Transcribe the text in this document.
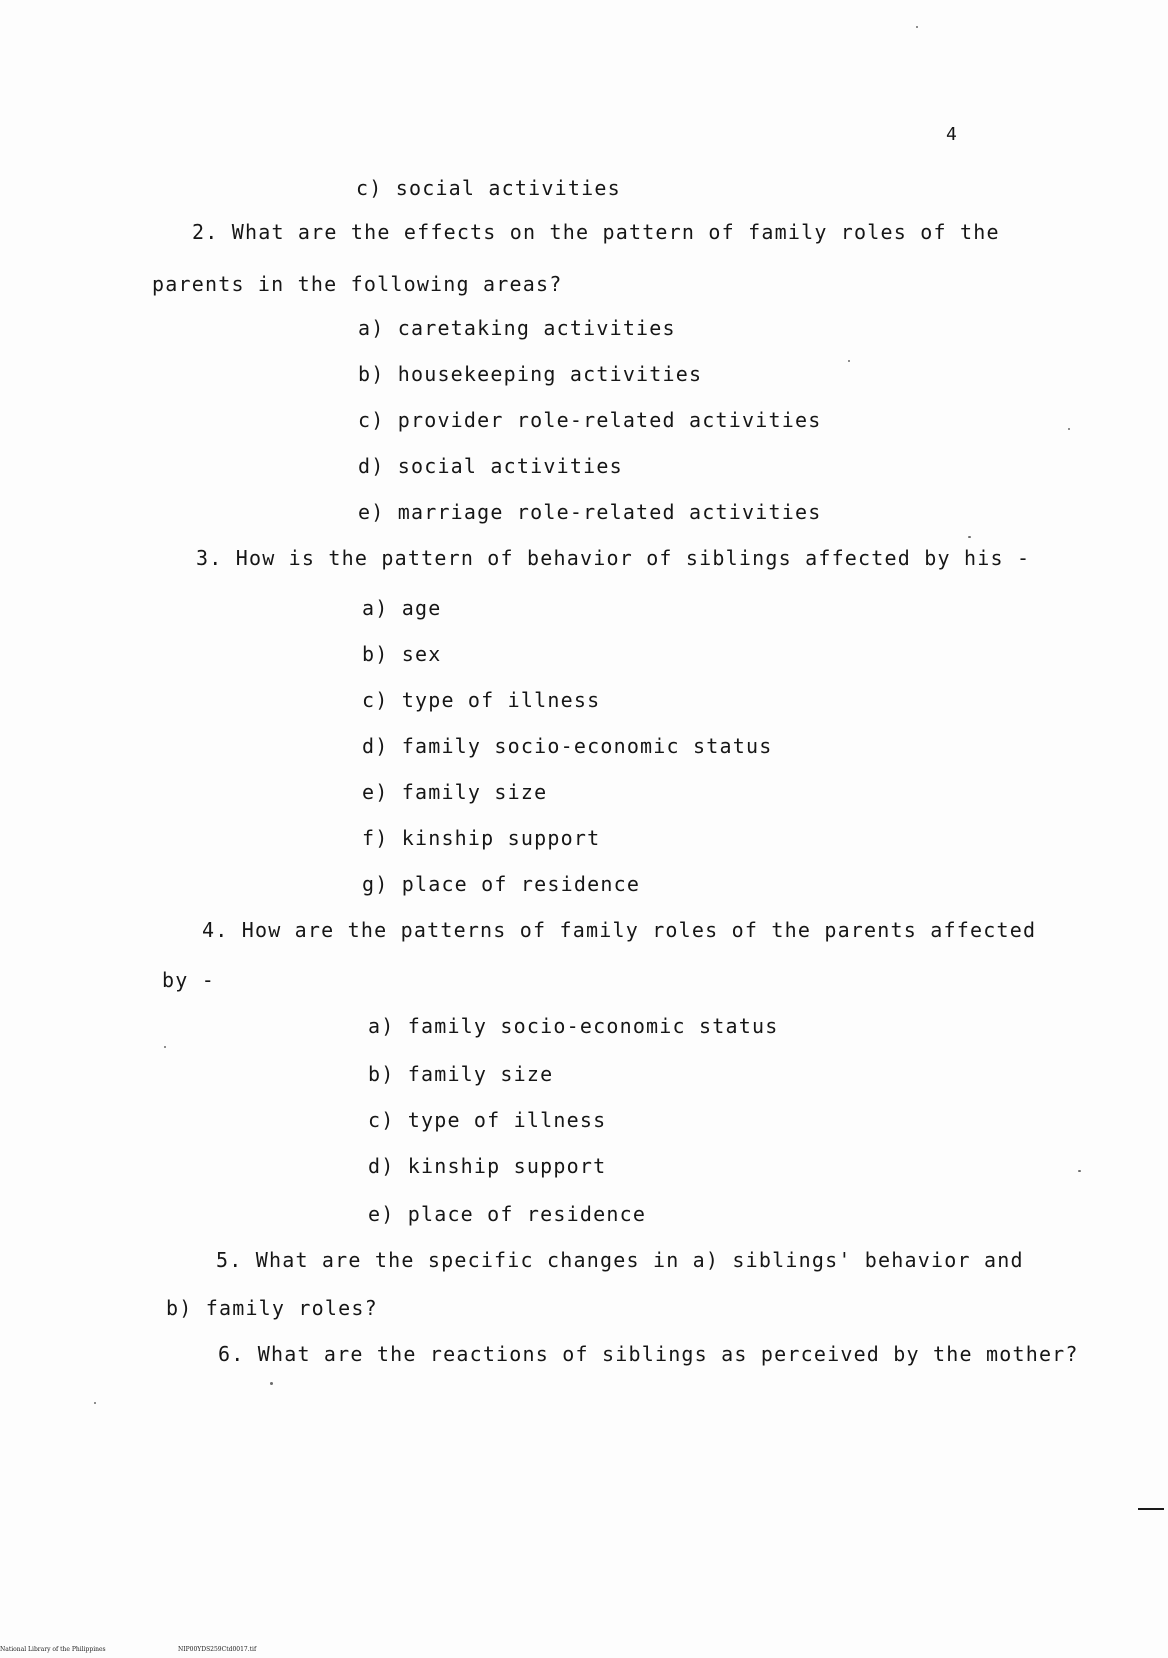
4
c) social activities
2. What are the effects on the pattern of family roles of the
parents in the following areas?
a) caretaking activities
b) housekeeping activities
c) provider role-related activities
d) social activities
e) marriage role-related activities
3. How is the pattern of behavior of siblings affected by his -
a) age
b) sex
c) type of illness
d) family socio-economic status
e) family size
f) kinship support
g) place of residence
4. How are the patterns of family roles of the parents affected
by -
a) family socio-economic status
b) family size
c) type of illness
d) kinship support
e) place of residence
5. What are the specific changes in a) siblings' behavior and
b) family roles?
6. What are the reactions of siblings as perceived by the mother?
National Library of the Philippines	NIP00YDS259Ctd0017.tif
